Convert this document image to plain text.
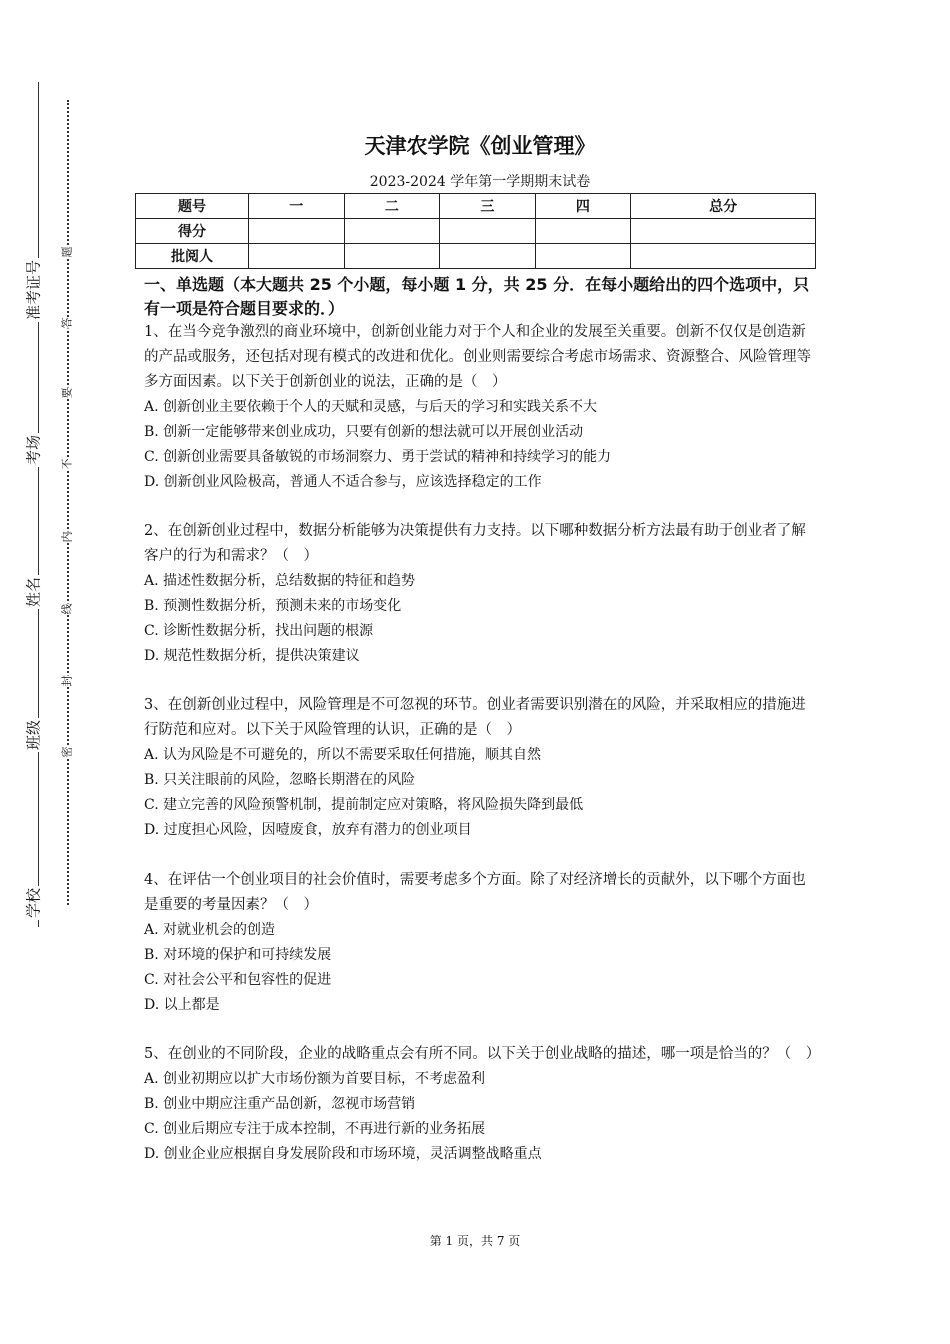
准考证号
考场
姓名
班级
学校
题
答
要
不
内
线
封
密
天津农学院《创业管理》
2023-2024 学年第一学期期末试卷
题号	一	二	三	四	总分
得分					
批阅人					
一、单选题（本大题共 25 个小题，每小题 1 分，共 25 分．在每小题给出的四个选项中，只有一项是符合题目要求的．）
1、在当今竞争激烈的商业环境中，创新创业能力对于个人和企业的发展至关重要。创新不仅仅是创造新的产品或服务，还包括对现有模式的改进和优化。创业则需要综合考虑市场需求、资源整合、风险管理等多方面因素。以下关于创新创业的说法，正确的是（　）
A. 创新创业主要依赖于个人的天赋和灵感，与后天的学习和实践关系不大
B. 创新一定能够带来创业成功，只要有创新的想法就可以开展创业活动
C. 创新创业需要具备敏锐的市场洞察力、勇于尝试的精神和持续学习的能力
D. 创新创业风险极高，普通人不适合参与，应该选择稳定的工作
2、在创新创业过程中，数据分析能够为决策提供有力支持。以下哪种数据分析方法最有助于创业者了解客户的行为和需求？（　）
A. 描述性数据分析，总结数据的特征和趋势
B. 预测性数据分析，预测未来的市场变化
C. 诊断性数据分析，找出问题的根源
D. 规范性数据分析，提供决策建议
3、在创新创业过程中，风险管理是不可忽视的环节。创业者需要识别潜在的风险，并采取相应的措施进行防范和应对。以下关于风险管理的认识，正确的是（　）
A. 认为风险是不可避免的，所以不需要采取任何措施，顺其自然
B. 只关注眼前的风险，忽略长期潜在的风险
C. 建立完善的风险预警机制，提前制定应对策略，将风险损失降到最低
D. 过度担心风险，因噎废食，放弃有潜力的创业项目
4、在评估一个创业项目的社会价值时，需要考虑多个方面。除了对经济增长的贡献外，以下哪个方面也是重要的考量因素？（　）
A. 对就业机会的创造
B. 对环境的保护和可持续发展
C. 对社会公平和包容性的促进
D. 以上都是
5、在创业的不同阶段，企业的战略重点会有所不同。以下关于创业战略的描述，哪一项是恰当的？（　）
A. 创业初期应以扩大市场份额为首要目标，不考虑盈利
B. 创业中期应注重产品创新，忽视市场营销
C. 创业后期应专注于成本控制，不再进行新的业务拓展
D. 创业企业应根据自身发展阶段和市场环境，灵活调整战略重点
第 1 页，共 7 页
